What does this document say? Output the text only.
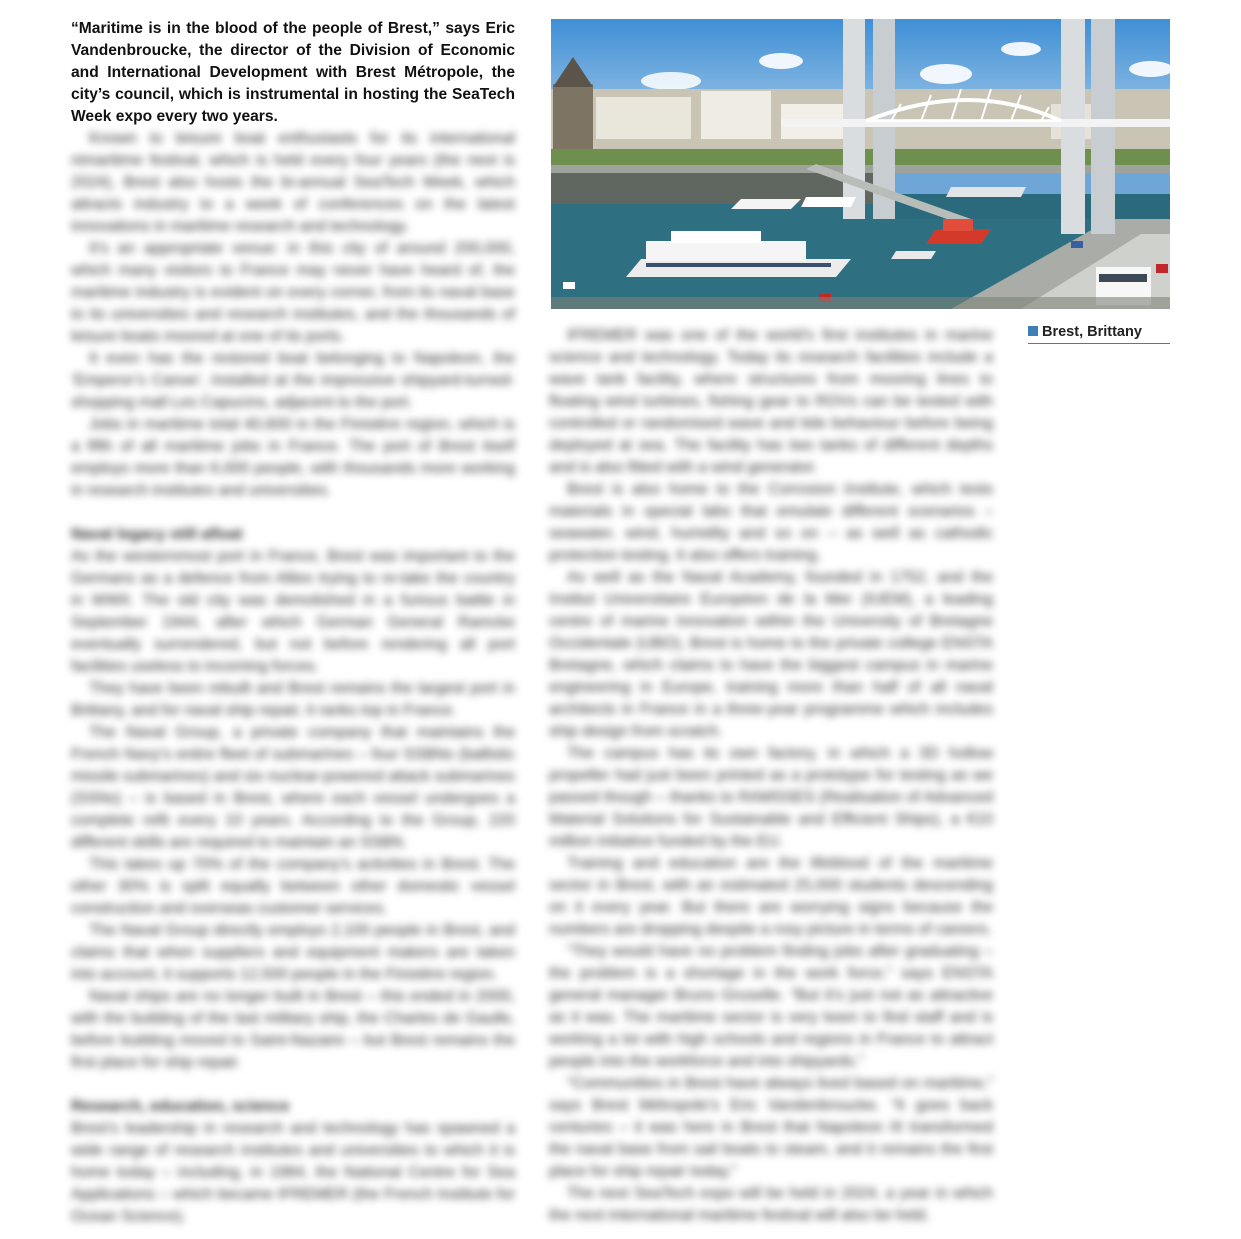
“Maritime is in the blood of the people of Brest,” says Eric Vandenbroucke, the director of the Division of Economic and International Development with Brest Métropole, the city’s council, which is instrumental in hosting the SeaTech Week expo every two years.

Known to leisure boat enthusiasts for its international nimaritime festival, which is held every four years (the next is 2024), Brest also hosts the bi-annual SeaTech Week, which attracts industry to a week of conferences on the latest innovations in maritime research and technology.

It’s an appropriate venue: in this city of around 200,000, which many visitors to France may never have heard of, the maritime industry is evident on every corner, from its naval base to its universities and research institutes, and the thousands of leisure boats moored at one of its ports.

It even has the restored boat belonging to Napoleon, the ‘Emperor’s Canoe’, installed at the impressive shipyard-turned-shopping mall Les Capucins, adjacent to the port.

Jobs in maritime total 40,600 in the Finistère region, which is a fifth of all maritime jobs in France. The port of Brest itself employs more than 6,000 people, with thousands more working in research institutes and universities.

Naval legacy still afloat

As the westernmost port in France, Brest was important to the Germans as a defence from Allies trying to re-take the country in WWII. The old city was demolished in a furious battle in September 1944, after which German General Ramcke eventually surrendered, but not before rendering all port facilities useless to incoming forces.

They have been rebuilt and Brest remains the largest port in Brittany, and for naval ship repair, it ranks top in France.

The Naval Group, a private company that maintains the French Navy’s entire fleet of submarines – four SSBNs (ballistic missile submarines) and six nuclear-powered attack submarines (SSNs) – is based in Brest, where each vessel undergoes a complete refit every 10 years. According to the Group, 220 different skills are required to maintain an SSBN.

This takes up 70% of the company’s activities in Brest. The other 30% is split equally between other domestic vessel construction and overseas customer services.

The Naval Group directly employs 2,100 people in Brest, and claims that when suppliers and equipment makers are taken into account, it supports 12,500 people in the Finistère region.

Naval ships are no longer built in Brest – this ended in 2000, with the building of the last military ship, the Charles de Gaulle, before building moved to Saint-Nazaire – but Brest remains the first place for ship repair.

Research, education, science

Brest’s leadership in research and technology has spawned a wide range of research institutes and universities to which it is home today – including, in 1984, the National Centre for Sea Applications – which became IFREMER (the French Institute for Ocean Science).

Brest, Brittany

IFREMER was one of the world’s first institutes in marine science and technology. Today its research facilities include a wave tank facility, where structures from mooring lines to floating wind turbines, fishing gear to ROVs can be tested with controlled or randomised wave and tide behaviour before being deployed at sea. The facility has two tanks of different depths and is also fitted with a wind generator.

Brest is also home to the Corrosion Institute, which tests materials in special labs that emulate different scenarios – seawater, wind, humidity and so on – as well as cathodic protection testing. It also offers training.

As well as the Naval Academy, founded in 1752, and the Institut Universitaire Européen de la Mer (IUEM), a leading centre of marine innovation within the University of Bretagne Occidentale (UBO), Brest is home to the private college ENSTA Bretagne, which claims to have the biggest campus in marine engineering in Europe, training more than half of all naval architects in France in a three-year programme which includes ship design from scratch.

The campus has its own factory, in which a 3D hollow propeller had just been printed as a prototype for testing as we passed though – thanks to RAMSSES (Realisation of Advanced Material Solutions for Sustainable and Efficient Ships), a €10 million initiative funded by the EU.

Training and education are the lifeblood of the maritime sector in Brest, with an estimated 25,000 students descending on it every year. But there are worrying signs because the numbers are dropping despite a rosy picture in terms of careers.

“They would have no problem finding jobs after graduating – the problem is a shortage in the work force,” says ENSTA general manager Bruno Gruselle. “But it’s just not as attractive as it was. The maritime sector is very keen to find staff and is working a lot with high schools and regions in France to attract people into the workforce and into shipyards.”

“Communities in Brest have always lived based on maritime,” says Brest Métropole’s Eric Vandenbroucke. “It goes back centuries – it was here in Brest that Napoleon III transformed the naval base from sail boats to steam, and it remains the first place for ship repair today.”

The next SeaTech expo will be held in 2024, a year in which the next international maritime festival will also be held.
